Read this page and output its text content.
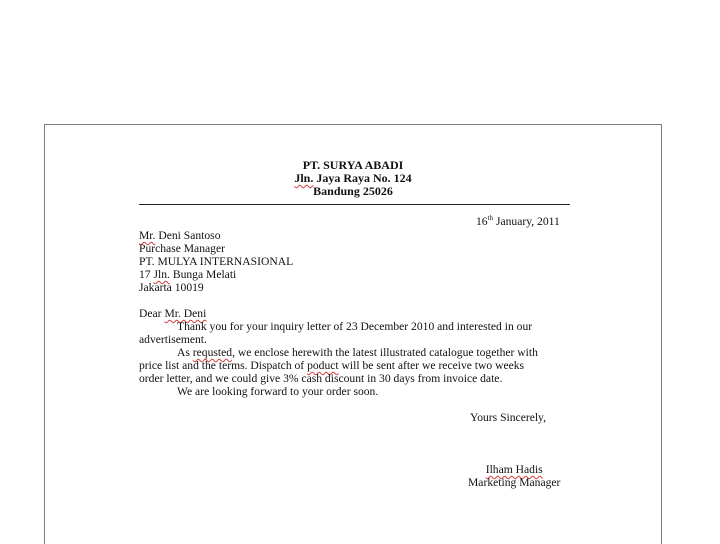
PT. SURYA ABADI
Jln. Jaya Raya No. 124
Bandung 25026
16th January, 2011
Mr. Deni Santoso
Purchase Manager
PT. MULYA INTERNASIONAL
17 Jln. Bunga Melati
Jakarta 10019
Dear Mr. Deni
Thank you for your inquiry letter of 23 December 2010 and interested in our
advertisement.
As requsted, we enclose herewith the latest illustrated catalogue together with
price list and the terms. Dispatch of poduct will be sent after we receive two weeks
order letter, and we could give 3% cash discount in 30 days from invoice date.
We are looking forward to your order soon.
Yours Sincerely,
Ilham Hadis
Marketing Manager
